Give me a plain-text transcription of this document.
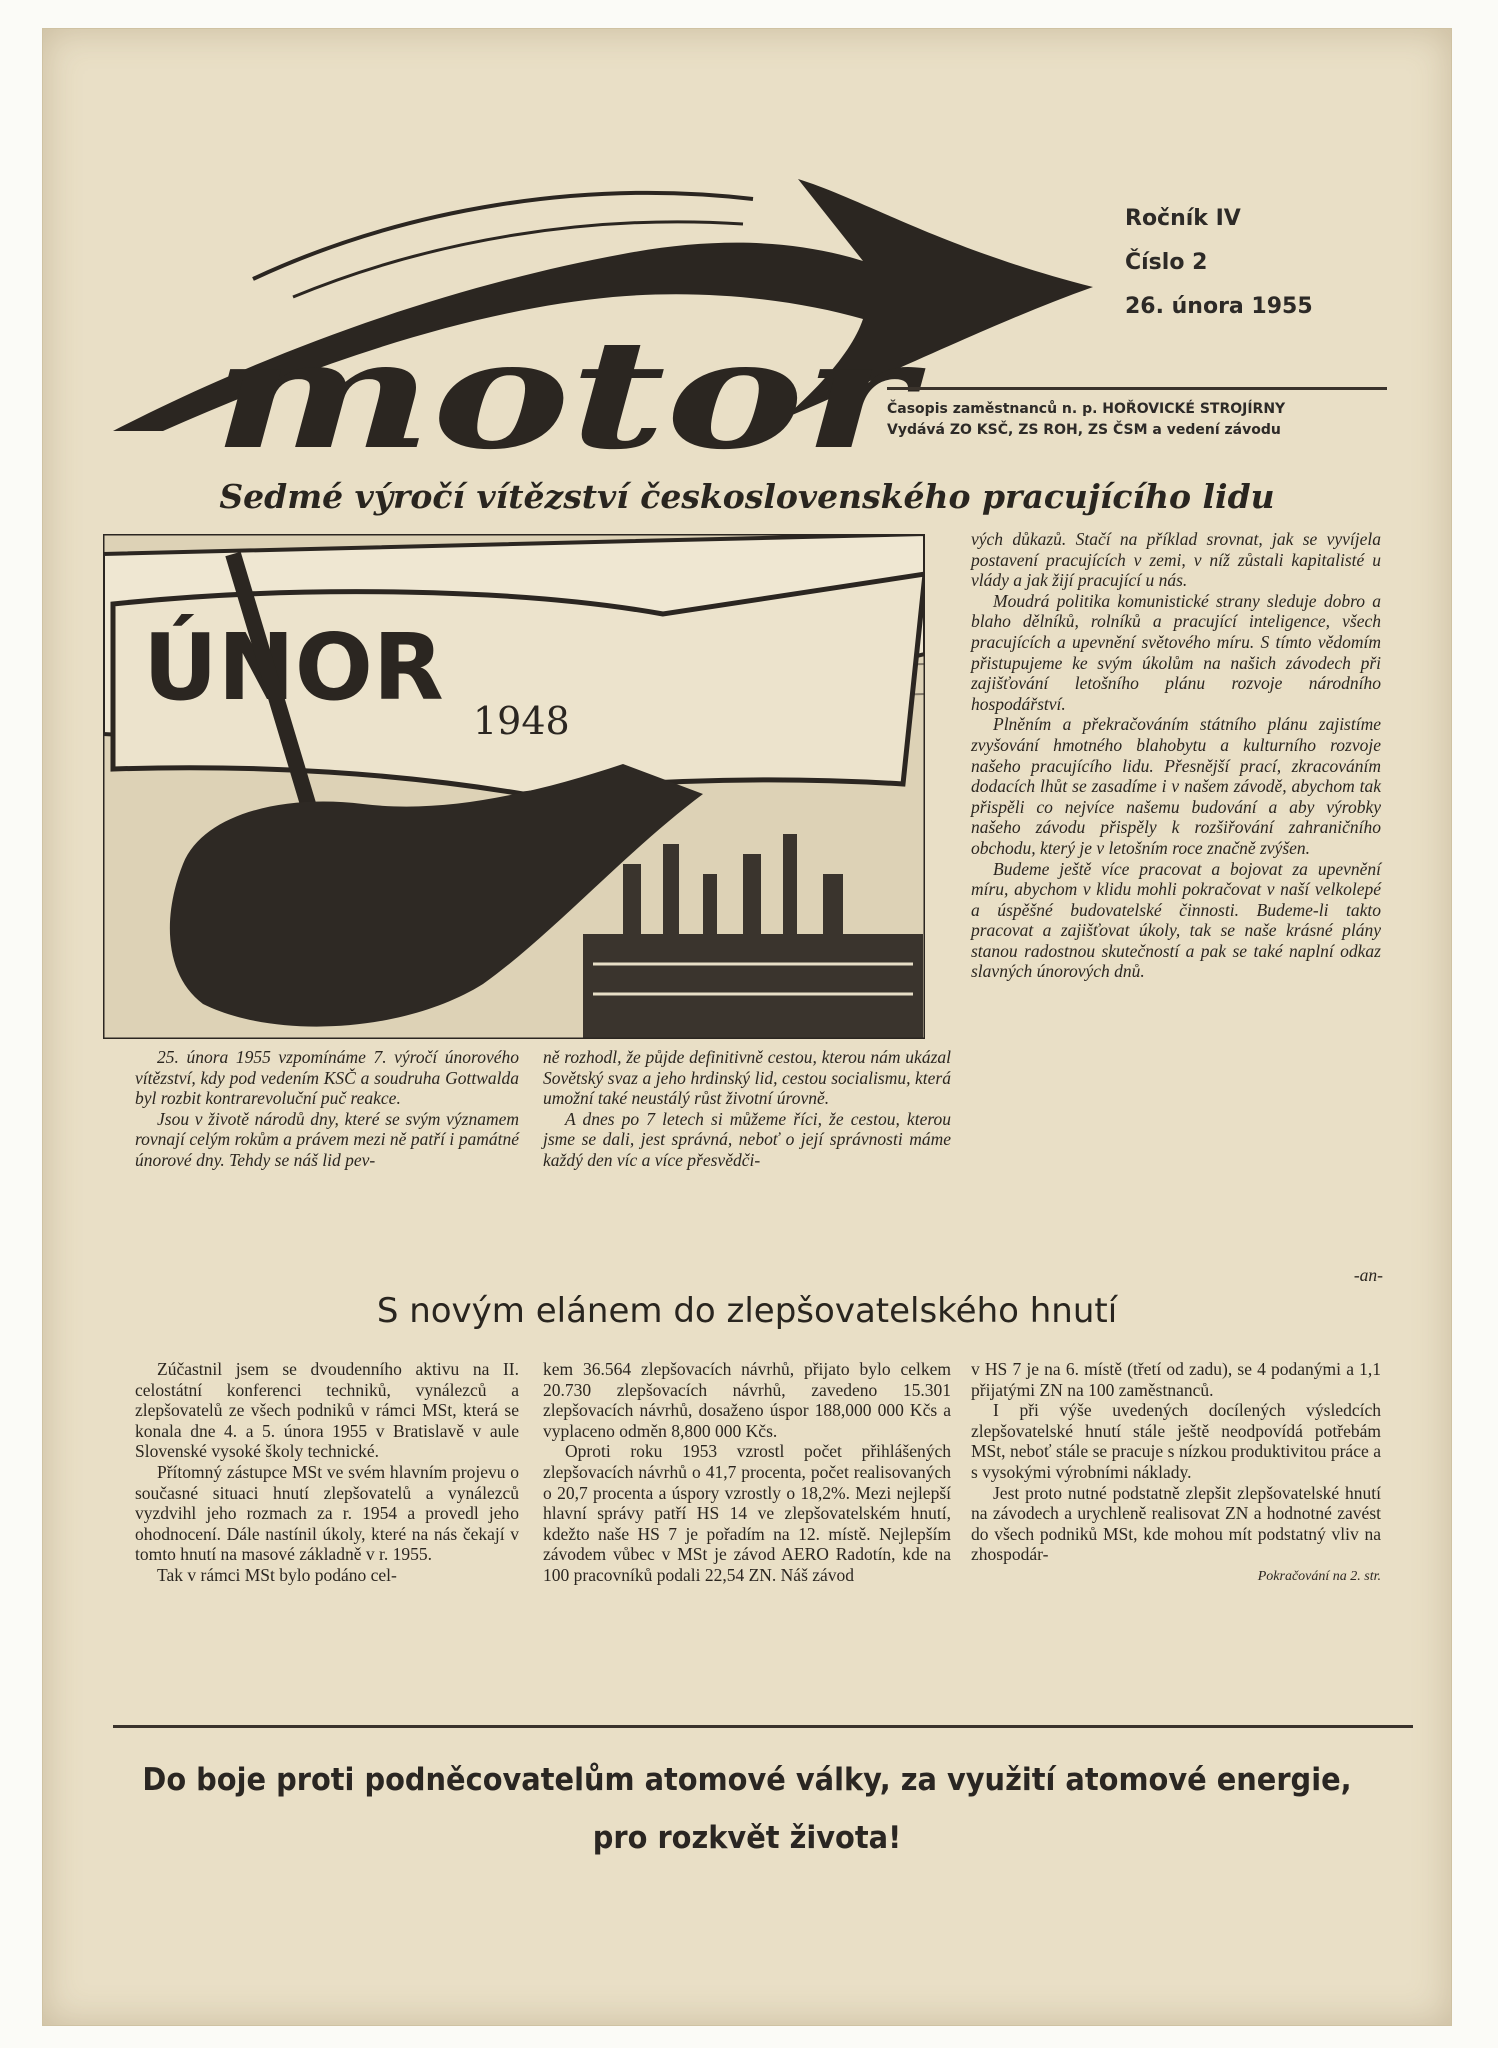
motor
Ročník IV
Číslo 2
26. února 1955
Časopis zaměstnanců n. p. HOŘOVICKÉ STROJÍRNY
Vydává ZO KSČ, ZS ROH, ZS ČSM a vedení závodu
Sedmé výročí vítězství československého pracujícího lidu
ÚNOR 1948

vých důkazů. Stačí na příklad srovnat, jak se vyvíjela postavení pracujících v zemi, v níž zůstali kapitalisté u vlády a jak žijí pracující u nás.

Moudrá politika komunistické strany sleduje dobro a blaho dělníků, rolníků a pracující inteligence, všech pracujících a upevnění světového míru. S tímto vědomím přistupujeme ke svým úkolům na našich závodech při zajišťování letošního plánu rozvoje národního hospodářství.

Plněním a překračováním státního plánu zajistíme zvyšování hmotného blahobytu a kulturního rozvoje našeho pracujícího lidu. Přesnější prací, zkracováním dodacích lhůt se zasadíme i v našem závodě, abychom tak přispěli co nejvíce našemu budování a aby výrobky našeho závodu přispěly k rozšiřování zahraničního obchodu, který je v letošním roce značně zvýšen.

Budeme ještě více pracovat a bojovat za upevnění míru, abychom v klidu mohli pokračovat v naší velkolepé a úspěšné budovatelské činnosti. Budeme-li takto pracovat a zajišťovat úkoly, tak se naše krásné plány stanou radostnou skutečností a pak se také naplní odkaz slavných únorových dnů.

25. února 1955 vzpomínáme 7. výročí únorového vítězství, kdy pod vedením KSČ a soudruha Gottwalda byl rozbit kontrarevoluční puč reakce.

Jsou v životě národů dny, které se svým významem rovnají celým rokům a právem mezi ně patří i památné únorové dny. Tehdy se náš lid pev-

ně rozhodl, že půjde definitivně cestou, kterou nám ukázal Sovětský svaz a jeho hrdinský lid, cestou socialismu, která umožní také neustálý růst životní úrovně.

A dnes po 7 letech si můžeme říci, že cestou, kterou jsme se dali, jest správná, neboť o její správnosti máme každý den víc a více přesvědči-

-an-
S novým elánem do zlepšovatelského hnutí

Zúčastnil jsem se dvoudenního aktivu na II. celostátní konferenci techniků, vynálezců a zlepšovatelů ze všech podniků v rámci MSt, která se konala dne 4. a 5. února 1955 v Bratislavě v aule Slovenské vysoké školy technické.

Přítomný zástupce MSt ve svém hlavním projevu o současné situaci hnutí zlepšovatelů a vynálezců vyzdvihl jeho rozmach za r. 1954 a provedl jeho ohodnocení. Dále nastínil úkoly, které na nás čekají v tomto hnutí na masové základně v r. 1955.

Tak v rámci MSt bylo podáno cel-

kem 36.564 zlepšovacích návrhů, přijato bylo celkem 20.730 zlepšovacích návrhů, zavedeno 15.301 zlepšovacích návrhů, dosaženo úspor 188,000 000 Kčs a vyplaceno odměn 8,800 000 Kčs.

Oproti roku 1953 vzrostl počet přihlášených zlepšovacích návrhů o 41,7 procenta, počet realisovaných o 20,7 procenta a úspory vzrostly o 18,2%. Mezi nejlepší hlavní správy patří HS 14 ve zlepšovatelském hnutí, kdežto naše HS 7 je pořadím na 12. místě. Nejlepším závodem vůbec v MSt je závod AERO Radotín, kde na 100 pracovníků podali 22,54 ZN. Náš závod

v HS 7 je na 6. místě (třetí od zadu), se 4 podanými a 1,1 přijatými ZN na 100 zaměstnanců.

I při výše uvedených docílených výsledcích zlepšovatelské hnutí stále ještě neodpovídá potřebám MSt, neboť stále se pracuje s nízkou produktivitou práce a s vysokými výrobními náklady.

Jest proto nutné podstatně zlepšit zlepšovatelské hnutí na závodech a urychleně realisovat ZN a hodnotné zavést do všech podniků MSt, kde mohou mít podstatný vliv na zhospodár-

Pokračování na 2. str.
Do boje proti podněcovatelům atomové války, za využití atomové energie,
pro rozkvět života!
